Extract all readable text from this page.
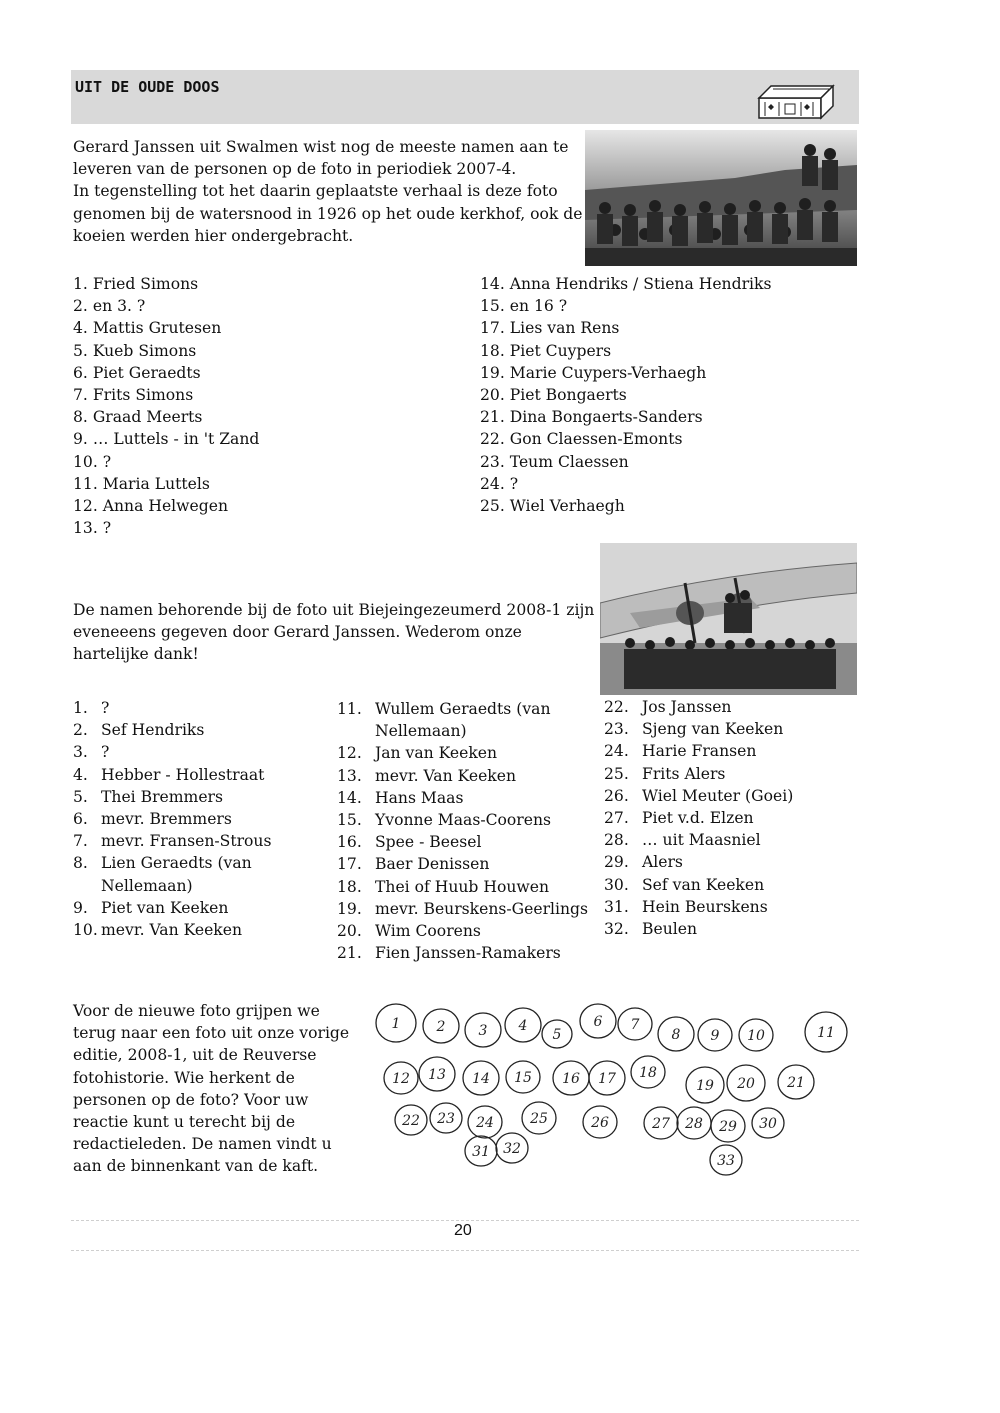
UIT DE OUDE DOOS

Gerard Janssen uit Swalmen wist nog de meeste namen aan te leveren van de personen op de foto in periodiek 2007-4.

In tegenstelling tot het daarin geplaatste verhaal is deze foto genomen bij de watersnood in 1926 op het oude kerkhof, ook de koeien werden hier ondergebracht.

1. Fried Simons
2. en 3. ?
4. Mattis Grutesen
5. Kueb Simons
6. Piet Geraedts
7. Frits Simons
8. Graad Meerts
9. … Luttels - in 't Zand
10. ?
11. Maria Luttels
12. Anna Helwegen
13. ?
14. Anna Hendriks / Stiena Hendriks
15. en 16 ?
17. Lies van Rens
18. Piet Cuypers
19. Marie Cuypers-Verhaegh
20. Piet Bongaerts
21. Dina Bongaerts-Sanders
22. Gon Claessen-Emonts
23. Teum Claessen
24. ?
25. Wiel Verhaegh
De namen behorende bij de foto uit Biejeingezeumerd 2008-1 zijn eveneeens gegeven door Gerard Janssen. Wederom onze hartelijke dank!
1. ?
2. Sef Hendriks
3. ?
4. Hebber - Hollestraat
5. Thei Bremmers
6. mevr. Bremmers
7. mevr. Fransen-Strous
8. Lien Geraedts (van Nellemaan)
9. Piet van Keeken
10. mevr. Van Keeken
11. Wullem Geraedts (van Nellemaan)
12. Jan van Keeken
13. mevr. Van Keeken
14. Hans Maas
15. Yvonne Maas-Coorens
16. Spee - Beesel
17. Baer Denissen
18. Thei of Huub Houwen
19. mevr. Beurskens-Geerlings
20. Wim Coorens
21. Fien Janssen-Ramakers
22. Jos Janssen
23. Sjeng van Keeken
24. Harie Fransen
25. Frits Alers
26. Wiel Meuter (Goei)
27. Piet v.d. Elzen
28. … uit Maasniel
29. Alers
30. Sef van Keeken
31. Hein Beurskens
32. Beulen
Voor de nieuwe foto grijpen we terug naar een foto uit onze vorige editie, 2008-1, uit de Reuverse fotohistorie. Wie herkent de personen op de foto? Voor uw reactie kunt u terecht bij de redactieleden. De namen vindt u aan de binnenkant van de kaft.
1	2 3 4
5
6 7
8 9 10	11
12 13 14 15 16 17 18
19 20 21
22 23 24	25	26	27 28 29 30
31 32
33
20
